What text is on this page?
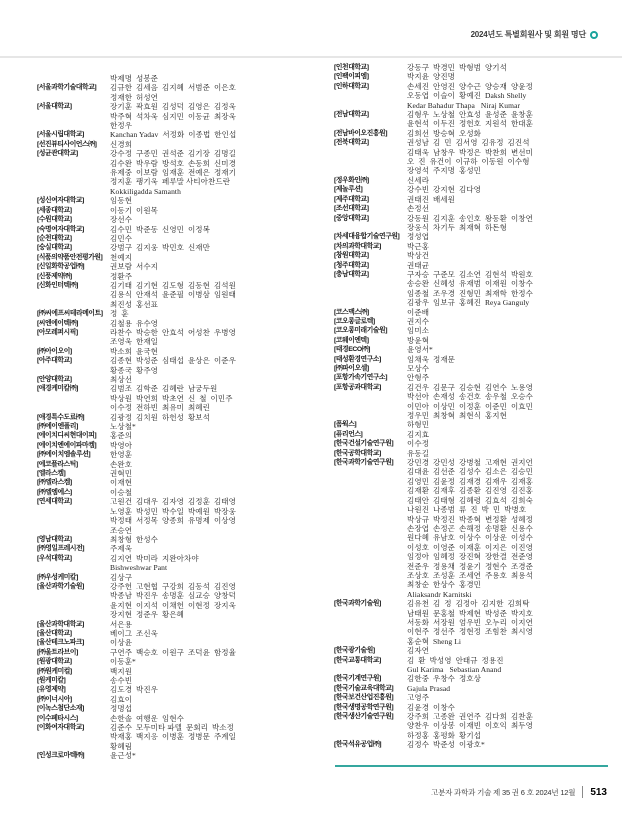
2024년도 특별회원사 및 회원 명단
박제명  성봉준
[서울과학기술대학교]	김규한  김세음  김지혜  서범준  이은호
정재한  허성연
[서울대학교]	장기훈  곽효원  김성덕  김영은  김정욱
박주혁  석차욱  심지민  이동균  최장욱
한정우
[서울시립대학교]	Kanchan Yadav  서정화  이종법  한인섭
[선진뷰티사이언스㈜]	신경희
[성균관대학교]	강수정  구종민  권석준  김기장  김명길
김수완  박우람  방석호  손동희  신미경
유제중  이보람  임재훈  전예은  정재기
정지훈  팽기욱  페루말 사티아찬드란
Kokkiligadda Samanth
[성신여자대학교]	임동현
[세종대학교]	이동기  이원목
[수원대학교]	장선수
[숙명여자대학교]	김수민  박준동  신영민  이정복
[순천대학교]	김민수
[숭실대학교]	강범구  김지웅  박민호  신재만
[식품의약품안전평가원]	천예지
[신일화학공업㈜]	권보람  서수지
[신풍제약㈜]	정환주
[신화인터텍㈜]	김기태  김기현  김도형  김동현  김석원
김용식  안재석  윤준필  이병삼  임원태
최진성  홍선표
[㈜씨에프씨테라메이트] 정  훈
[씨엔에이텍㈜]	김철용  유수영
[아모레퍼시픽]	라찬수  박승한  안효석  어성찬  우병영
조영욱  한재일
[㈜아이오이]	박소희  윤국현
[아주대학교]	김종현  박성준  심태섭  윤상은  이준우
황종국  황주영
[안양대학교]	최상선
[애경케미칼㈜]	김범조  김학준  김혜란  남궁두원
박상원  박연희  박초연  신  철  이민주
이수정  전하빈  최유미  최혜린
[애경특수도료㈜]	김광정  김치원  하헌성  황보석
[㈜에이엔폴리]	노상철*
[에이치디씨현대이피]	홍준의
[에이치엔에이파마켐]	박영아
[㈜에이치엠솔루션]	한영훈
[에코플라스틱]	손완호
[엘라스켐]	권혁민
[㈜엘라스켐]	이재현
[㈜엘엠에스]	이승철
[연세대학교]	고원건  김대우  김자영  김정훈  김태영
노영훈  박성민  박수일  박예원  박장웅
박정태  서정목  양종희  유명제  이상영
조승연
[영남대학교]	최창형  한성수
[㈜영일프레시전]	주제욱
[우석대학교]	김지연  박미라  지완아차야
Bishweshwar Pant
[㈜우성케미칼]	김상구
[울산과학기술원]	강주헌  고현협  구강희  김동석  김진영
박종남  박진우  송명훈  심교승  양창덕
윤지현  이지석  이채헌  이현정  장지욱
장지현  정준우  황은혜
[울산과학대학교]	서은용
[울산대학교]	베이그  조신욱
[울산테크노파크]	이상윤
[㈜울트라브이]	구연주  백승호  이원구  조덕윤  함정율
[원광대학교]	이동훈*
[㈜원케미컬]	백지원
[원케미칼]	송수빈
[유영제약]	김도경  박진우
[㈜이너시아]	김효이
[이녹스첨단소재]	정명섭
[이수페타시스]	손한솔  여행운  임현수
[이화여자대학교]	김준수  모두미타 파텔  문회리  박소정
박재홍  백지응  이병훈  정병문  주계일
황혜림
[인성크로마텍㈜]	윤근성*
[인천대학교]	강동구  박경민  박형범  양기석
[인팩이피엠]	박지윤  양진명
[인하대학교]	손세진  안영진  양수근  양승재  양윤정
오동엽  이슬이  황예진  Daksh Shelly
Kedar Bahadur Thapa   Niraj Kumar
[전남대학교]	김형우  노상철  안효성  윤성준  윤창훈
윤현석  이두진  정헌호  지원석  한대훈
[전남바이오진흥원]	김희선  방승혁  오성화
[전북대학교]	권성남  김  민  김서영  김유정  김진석
김태욱  남창우  박정은  박찬희  변선미
오  진  유건이  이규하  이동원  이수형
장영석  주지명  홍성민
[정우화인㈜]	신세라
[제놀루션]	강수빈  강지현  김다영
[제주대학교]	권태진  배세원
[조선대학교]	손정선
[중앙대학교]	강동원  김지훈  송인호  왕동환  이창연
장웅식  차기두  최재혁  하돈형
[차세대융합기술연구원]	정성엽
[차의과학대학교]	박근홍
[창원대학교]	박상건
[청주대학교]	권태균
[충남대학교]	구자승  구준모  김소연  김현석  박원호
송승완  신혜성  유재범  이재원  이창수
임종철  조우경  진형민  최재학  한정수
김광우  임보규  홍혜진  Reya Ganguly
[코스맥스㈜]	이준배
[코오롱글로텍]	권지수
[코오롱미래기술원]	임미소
[코웨이엔텍]	방윤혁
[태경ECO㈜]	윤영서*
[태성환경연구소]	임채욱  정재문
[㈜파이오셀]	모상수
[포항가속기연구소]	안형주
[포항공과대학교]	김건우  김문구  김승현  김연수  노용영
박선아  손재성  송건호  송우철  오승수
이민아  이상민  이정훈  이준민  이효민
정우민  최창혁  최현식  홍지현
[폼웍스]	하형민
[퓨리언스]	김지효
[한국건설기술연구원]	이수정
[한국공학대학교]	유동길
[한국과학기술연구원]	강민경  강민성  강병철  고재현  권지언
김대윤  김선준  김성수  김소은  김승민
김영민  김윤정  김재경  김재우  김재홍
김재환  김재후  김종환  김진영  김진홍
김태안  김태형  김혜령  김효석  김희숙
나원진  나종범  류  진  박  민  박병호
박상규  박정진  박종혁  변정환  성혜정
손장엽  손정곤  손해정  송명환  신용수
원다혜  유남호  이상수  이상운  이성수
이성호  이영준  이재훈  이지은  이진영
임정아  임혜정  장진혁  장한결  전준영
전준우  정용채  정윤기  정현수  조경준
조상호  조성훈  조세연  주용호  최용석
최창순  한상수  홍경민
Aliaksandr Karnitski
[한국과학기술원]	김유천  김  정  김정아  김지한  김희탁
남태원  문홍철  박제현  박성준  박지호
서동화  서장원  엄우빈  오누리  이지연
이현주  정선주  정현정  조힘찬  최시영
홍순혁  Sheng Li
[한국광기술원]	김자연
[한국교통대학교]	김  환  박성영  안태규  정용진
Gul Karima   Sebastian Anand
[한국기계연구원]	김한중  우창수  정호상
[한국기술교육대학교]	Gajula Prasad
[한국보건산업진흥원]	고영주
[한국생명공학연구원]	김윤경  이창수
[한국생산기술연구원]	강주희  고종완  권연주  김다희  김찬훈
양찬우  이상봉  이재빈  이호익  최두영
하정홍  홍평화  황기섭
[한국석유공업㈜]	김정수  박준성  이광호*
고분자 과학과 기술 제 35 권 6 호 2024년 12월 513
